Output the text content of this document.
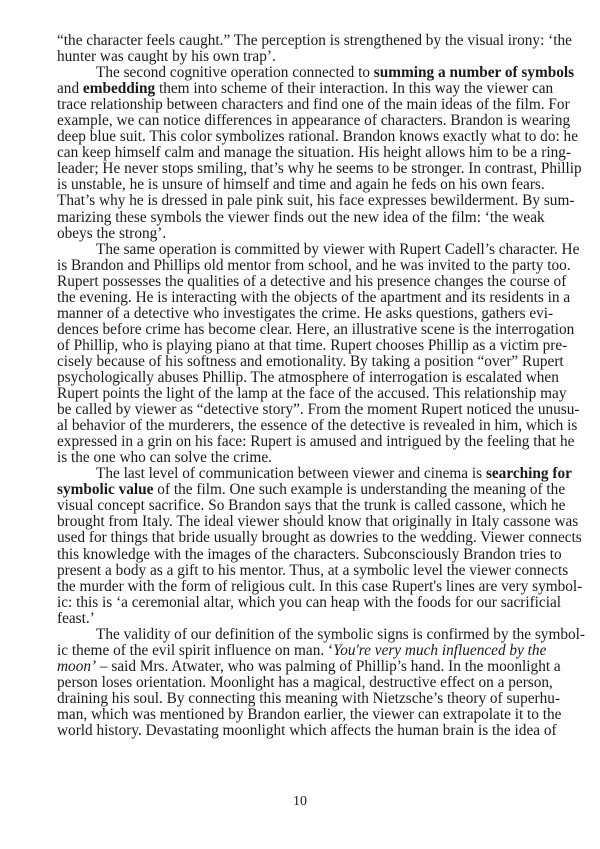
“the character feels caught.” The perception is strengthened by the visual irony: ‘the
hunter was caught by his own trap’.
The second cognitive operation connected to summing a number of symbols
and embedding them into scheme of their interaction. In this way the viewer can
trace relationship between characters and find one of the main ideas of the film. For
example, we can notice differences in appearance of characters. Brandon is wearing
deep blue suit. This color symbolizes rational. Brandon knows exactly what to do: he
can keep himself calm and manage the situation. His height allows him to be a ring-
leader; He never stops smiling, that’s why he seems to be stronger. In contrast, Phillip
is unstable, he is unsure of himself and time and again he feds on his own fears.
That’s why he is dressed in pale pink suit, his face expresses bewilderment. By sum-
marizing these symbols the viewer finds out the new idea of the film: ‘the weak
obeys the strong’.
The same operation is committed by viewer with Rupert Cadell’s character. He
is Brandon and Phillips old mentor from school, and he was invited to the party too.
Rupert possesses the qualities of a detective and his presence changes the course of
the evening. He is interacting with the objects of the apartment and its residents in a
manner of a detective who investigates the crime. He asks questions, gathers evi-
dences before crime has become clear. Here, an illustrative scene is the interrogation
of Phillip, who is playing piano at that time. Rupert chooses Phillip as a victim pre-
cisely because of his softness and emotionality. By taking a position “over” Rupert
psychologically abuses Phillip. The atmosphere of interrogation is escalated when
Rupert points the light of the lamp at the face of the accused. This relationship may
be called by viewer as “detective story”. From the moment Rupert noticed the unusu-
al behavior of the murderers, the essence of the detective is revealed in him, which is
expressed in a grin on his face: Rupert is amused and intrigued by the feeling that he
is the one who can solve the crime.
The last level of communication between viewer and cinema is searching for
symbolic value of the film. One such example is understanding the meaning of the
visual concept sacrifice. So Brandon says that the trunk is called cassone, which he
brought from Italy. The ideal viewer should know that originally in Italy cassone was
used for things that bride usually brought as dowries to the wedding. Viewer connects
this knowledge with the images of the characters. Subconsciously Brandon tries to
present a body as a gift to his mentor. Thus, at a symbolic level the viewer connects
the murder with the form of religious cult. In this case Rupert's lines are very symbol-
ic: this is ‘a ceremonial altar, which you can heap with the foods for our sacrificial
feast.’
The validity of our definition of the symbolic signs is confirmed by the symbol-
ic theme of the evil spirit influence on man. ‘You're very much influenced by the
moon’ – said Mrs. Atwater, who was palming of Phillip’s hand. In the moonlight a
person loses orientation. Moonlight has a magical, destructive effect on a person,
draining his soul. By connecting this meaning with Nietzsche’s theory of superhu-
man, which was mentioned by Brandon earlier, the viewer can extrapolate it to the
world history. Devastating moonlight which affects the human brain is the idea of
10
